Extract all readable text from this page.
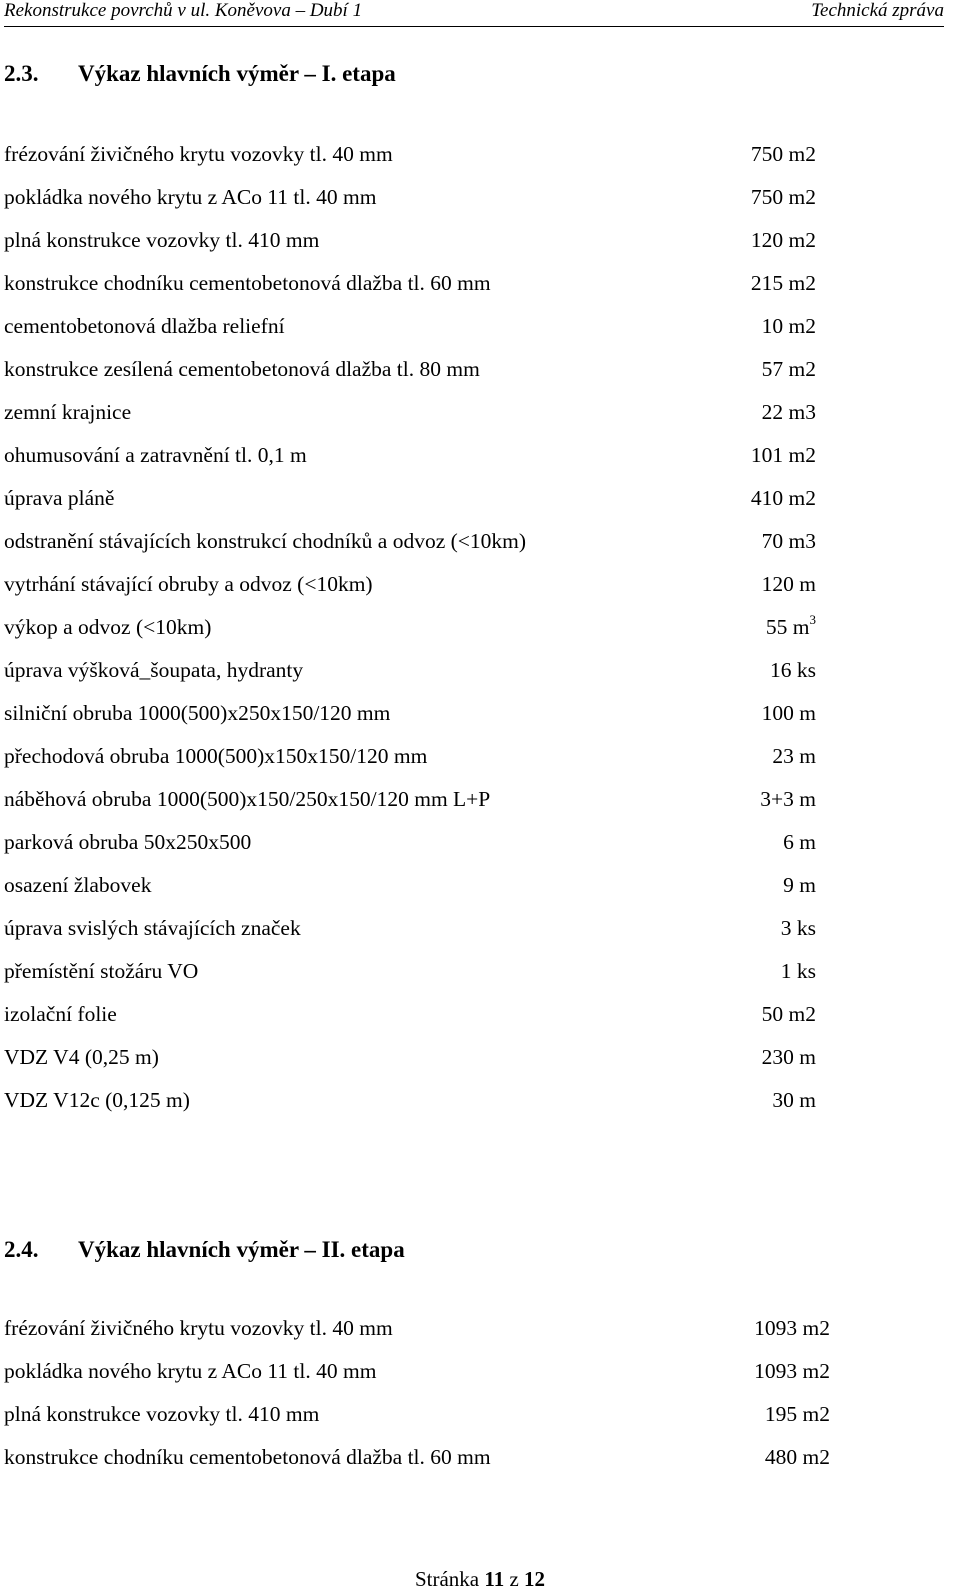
Rekonstrukce povrchů v ul. Koněvova – Dubí 1	Technická zpráva
2.3. Výkaz hlavních výměr – I. etapa
frézování živičného krytu vozovky tl. 40 mm	750 m2
pokládka nového krytu z ACo 11 tl. 40 mm	750 m2
plná konstrukce vozovky tl. 410 mm	120 m2
konstrukce chodníku cementobetonová dlažba tl. 60 mm	215 m2
cementobetonová dlažba reliefní	10 m2
konstrukce zesílená cementobetonová dlažba tl. 80 mm	57 m2
zemní krajnice	22 m3
ohumusování a zatravnění tl. 0,1 m	101 m2
úprava pláně	410 m2
odstranění stávajících konstrukcí chodníků a odvoz (<10km)	70 m3
vytrhání stávající obruby a odvoz (<10km)	120 m
výkop a odvoz (<10km)	55 $m^3$
úprava výšková_šoupata, hydranty	16 ks
silniční obruba 1000(500)x250x150/120 mm	100 m
přechodová obruba 1000(500)x150x150/120 mm	23 m
náběhová obruba 1000(500)x150/250x150/120 mm L+P	3+3 m
parková obruba 50x250x500	6 m
osazení žlabovek	9 m
úprava svislých stávajících značek	3 ks
přemístění stožáru VO	1 ks
izolační folie	50 m2
VDZ V4 (0,25 m)	230 m
VDZ V12c (0,125 m)	30 m
2.4. Výkaz hlavních výměr – II. etapa
frézování živičného krytu vozovky tl. 40 mm	1093 m2
pokládka nového krytu z ACo 11 tl. 40 mm	1093 m2
plná konstrukce vozovky tl. 410 mm	195 m2
konstrukce chodníku cementobetonová dlažba tl. 60 mm	480 m2
Stránka 11 z 12
